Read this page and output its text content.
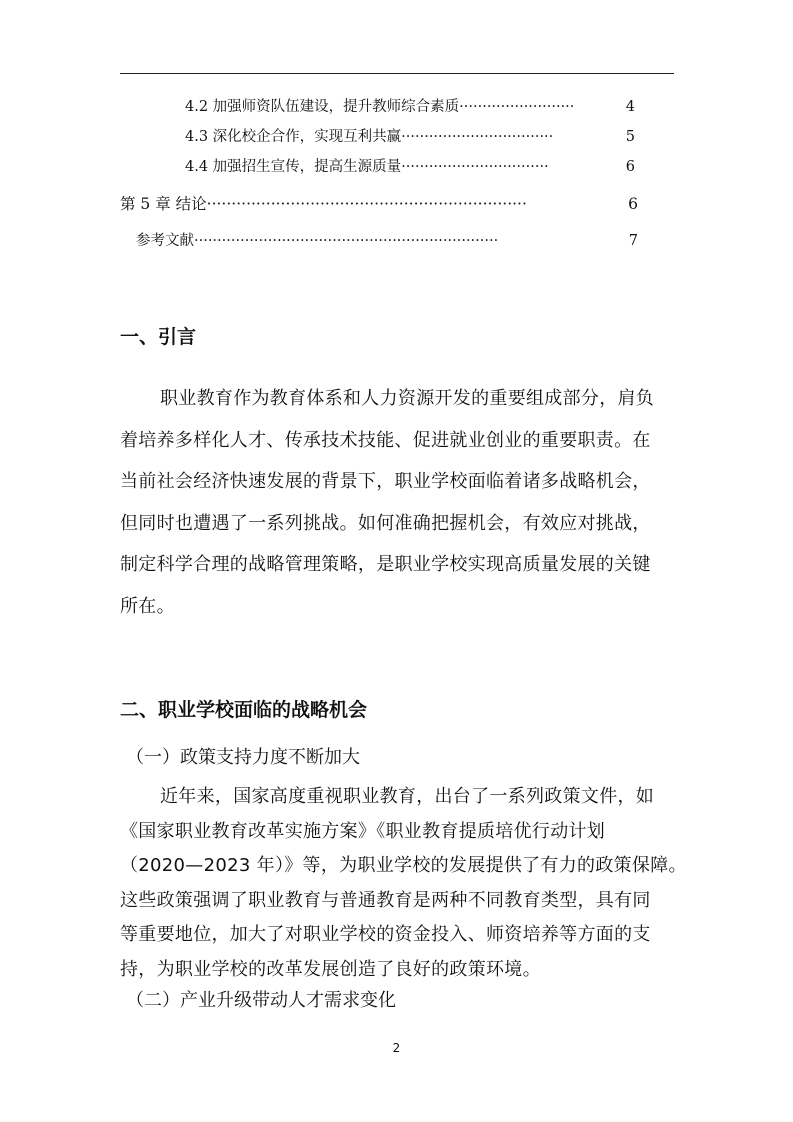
4.2 加强师资队伍建设，提升教师综合素质 ·························	4
4.3 深化校企合作，实现互利共赢 ·································	5
4.4 加强招生宣传，提高生源质量 ································	6
第 5 章 结论 ·································································	6
参考文献 ··································································	7
一、引言
职业教育作为教育体系和人力资源开发的重要组成部分，肩负
着培养多样化人才、传承技术技能、促进就业创业的重要职责。在
当前社会经济快速发展的背景下，职业学校面临着诸多战略机会，
但同时也遭遇了一系列挑战。如何准确把握机会，有效应对挑战，
制定科学合理的战略管理策略，是职业学校实现高质量发展的关键
所在。
二、职业学校面临的战略机会
（一）政策支持力度不断加大
近年来，国家高度重视职业教育，出台了一系列政策文件，如
《国家职业教育改革实施方案》《职业教育提质培优行动计划
（2020—2023 年）》等，为职业学校的发展提供了有力的政策保障。
这些政策强调了职业教育与普通教育是两种不同教育类型，具有同
等重要地位，加大了对职业学校的资金投入、师资培养等方面的支
持，为职业学校的改革发展创造了良好的政策环境。
（二）产业升级带动人才需求变化
2
